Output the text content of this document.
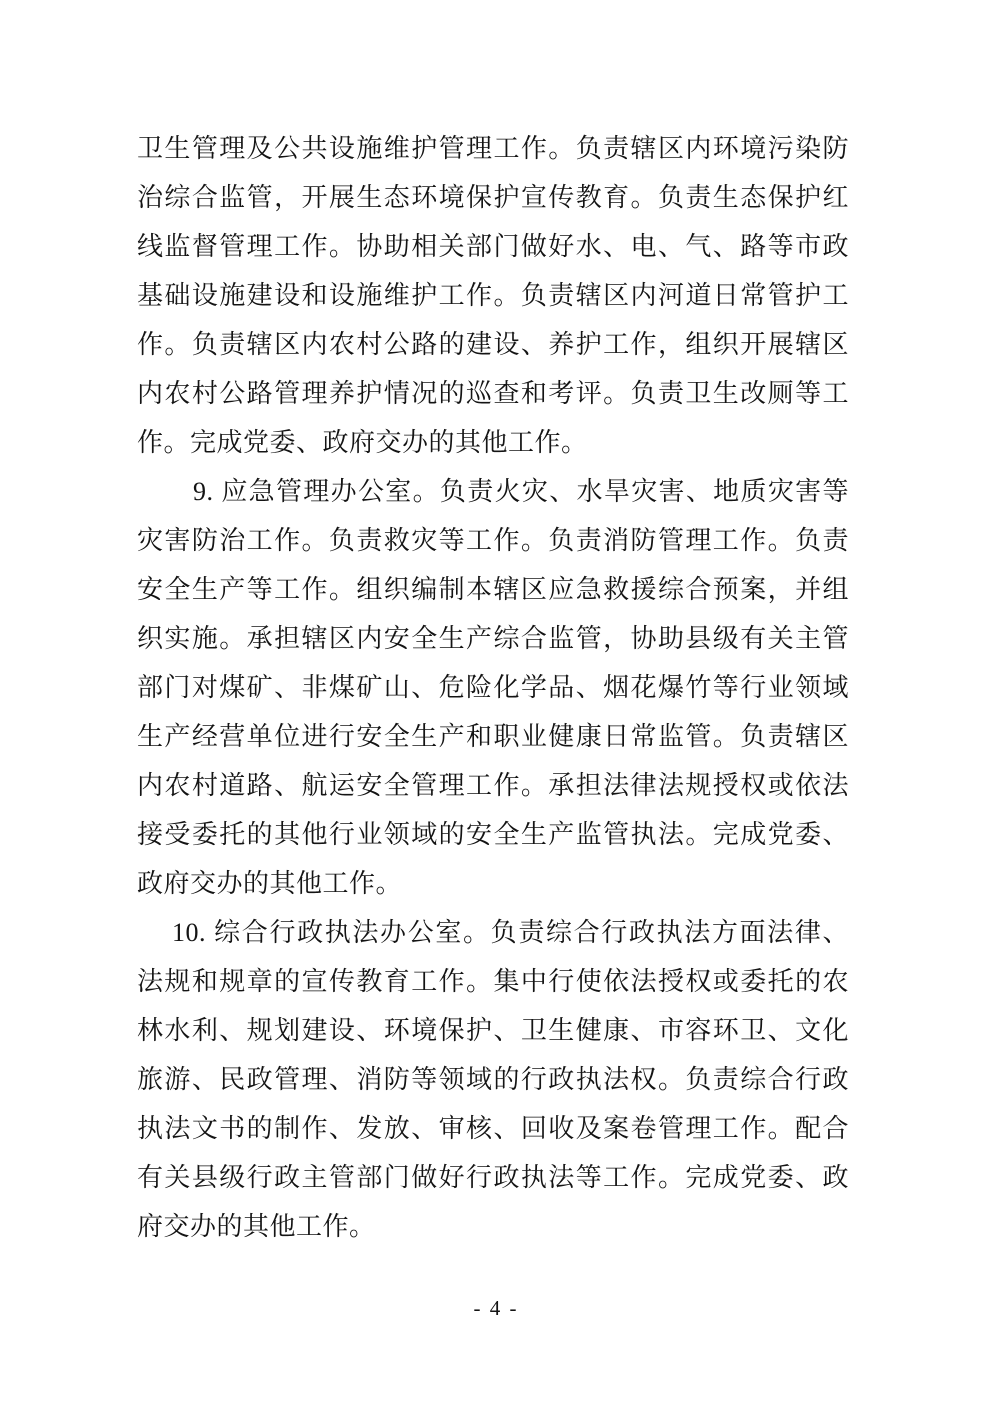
卫生管理及公共设施维护管理工作。负责辖区内环境污染防
治综合监管，开展生态环境保护宣传教育。负责生态保护红
线监督管理工作。协助相关部门做好水、电、气、路等市政
基础设施建设和设施维护工作。负责辖区内河道日常管护工
作。负责辖区内农村公路的建设、养护工作，组织开展辖区
内农村公路管理养护情况的巡查和考评。负责卫生改厕等工
作。完成党委、政府交办的其他工作。
9. 应急管理办公室。负责火灾、水旱灾害、地质灾害等
灾害防治工作。负责救灾等工作。负责消防管理工作。负责
安全生产等工作。组织编制本辖区应急救援综合预案，并组
织实施。承担辖区内安全生产综合监管，协助县级有关主管
部门对煤矿、非煤矿山、危险化学品、烟花爆竹等行业领域
生产经营单位进行安全生产和职业健康日常监管。负责辖区
内农村道路、航运安全管理工作。承担法律法规授权或依法
接受委托的其他行业领域的安全生产监管执法。完成党委、
政府交办的其他工作。
10. 综合行政执法办公室。负责综合行政执法方面法律、
法规和规章的宣传教育工作。集中行使依法授权或委托的农
林水利、规划建设、环境保护、卫生健康、市容环卫、文化
旅游、民政管理、消防等领域的行政执法权。负责综合行政
执法文书的制作、发放、审核、回收及案卷管理工作。配合
有关县级行政主管部门做好行政执法等工作。完成党委、政
府交办的其他工作。
- 4 -
